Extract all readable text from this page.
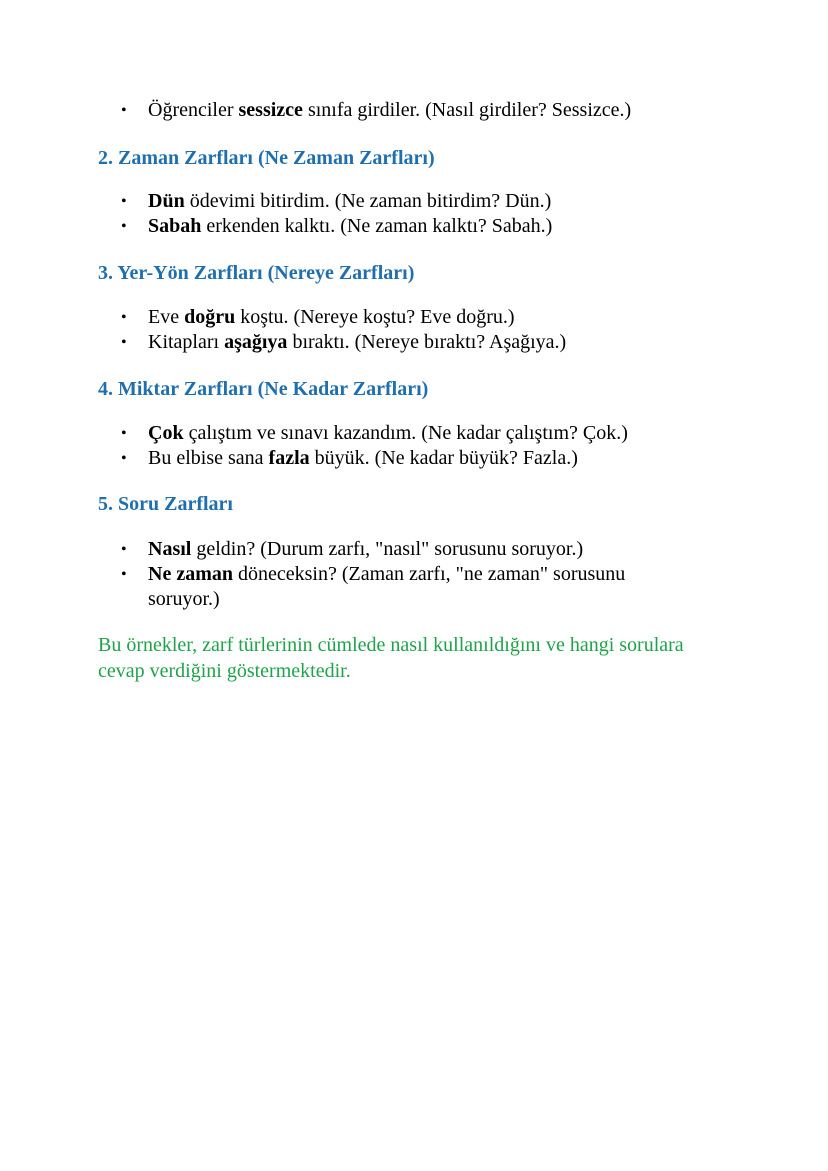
• Öğrenciler sessizce sınıfa girdiler. (Nasıl girdiler? Sessizce.)
2. Zaman Zarfları (Ne Zaman Zarfları)
• Dün ödevimi bitirdim. (Ne zaman bitirdim? Dün.)
• Sabah erkenden kalktı. (Ne zaman kalktı? Sabah.)
3. Yer-Yön Zarfları (Nereye Zarfları)
• Eve doğru koştu. (Nereye koştu? Eve doğru.)
• Kitapları aşağıya bıraktı. (Nereye bıraktı? Aşağıya.)
4. Miktar Zarfları (Ne Kadar Zarfları)
• Çok çalıştım ve sınavı kazandım. (Ne kadar çalıştım? Çok.)
• Bu elbise sana fazla büyük. (Ne kadar büyük? Fazla.)
5. Soru Zarfları
• Nasıl geldin? (Durum zarfı, "nasıl" sorusunu soruyor.)
• Ne zaman döneceksin? (Zaman zarfı, "ne zaman" sorusunu soruyor.)

Bu örnekler, zarf türlerinin cümlede nasıl kullanıldığını ve hangi sorulara cevap verdiğini göstermektedir.
